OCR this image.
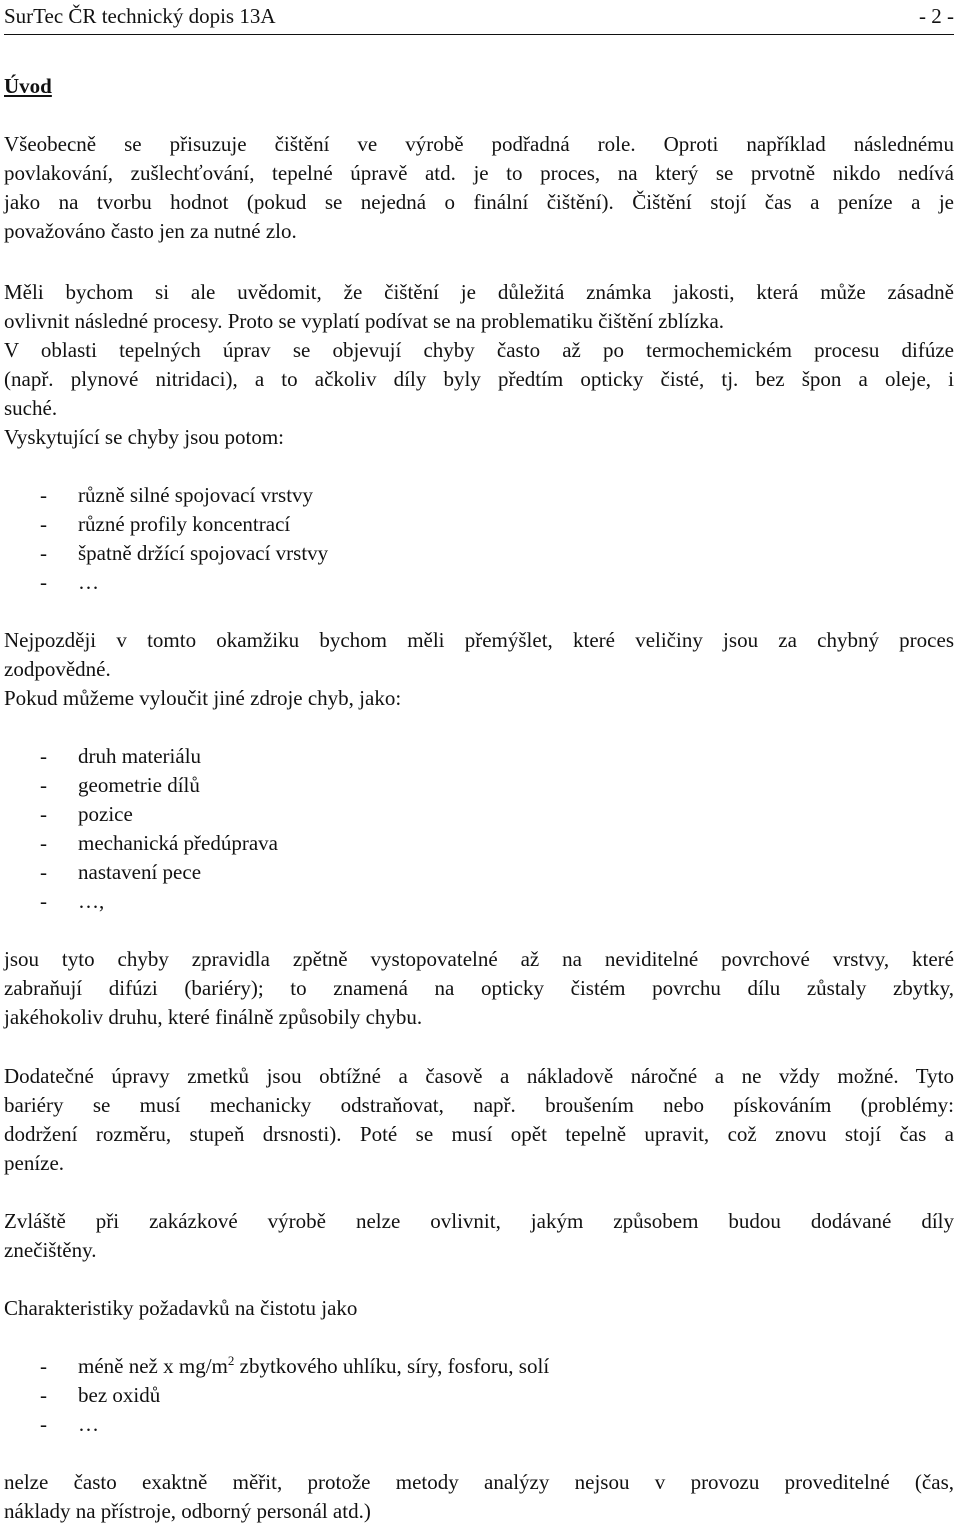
SurTec ČR technický dopis 13A	- 2 -
Úvod
Všeobecně se přisuzuje čištění ve výrobě podřadná role. Oproti například následnému
povlakování, zušlechťování, tepelné úpravě atd. je to proces, na který se prvotně nikdo nedívá
jako na tvorbu hodnot (pokud se nejedná o finální čištění). Čištění stojí čas a peníze a je
považováno často jen za nutné zlo.
Měli bychom si ale uvědomit, že čištění je důležitá známka jakosti, která může zásadně
ovlivnit následné procesy. Proto se vyplatí podívat se na problematiku čištění zblízka.
V oblasti tepelných úprav se objevují chyby často až po termochemickém procesu difúze
(např. plynové nitridaci), a to ačkoliv díly byly předtím opticky čisté, tj. bez špon a oleje, i
suché.
Vyskytující se chyby jsou potom:
- různě silné spojovací vrstvy
- různé profily koncentrací
- špatně držící spojovací vrstvy
- …
Nejpozději v tomto okamžiku bychom měli přemýšlet, které veličiny jsou za chybný proces
zodpovědné.
Pokud můžeme vyloučit jiné zdroje chyb, jako:
- druh materiálu
- geometrie dílů
- pozice
- mechanická předúprava
- nastavení pece
- …,
jsou tyto chyby zpravidla zpětně vystopovatelné až na neviditelné povrchové vrstvy, které
zabraňují difúzi (bariéry); to znamená na opticky čistém povrchu dílu zůstaly zbytky,
jakéhokoliv druhu, které finálně způsobily chybu.
Dodatečné úpravy zmetků jsou obtížné a časově a nákladově náročné a ne vždy možné. Tyto
bariéry se musí mechanicky odstraňovat, např. broušením nebo pískováním (problémy:
dodržení rozměru, stupeň drsnosti). Poté se musí opět tepelně upravit, což znovu stojí čas a
peníze.
Zvláště při zakázkové výrobě nelze ovlivnit, jakým způsobem budou dodávané díly
znečištěny.
Charakteristiky požadavků na čistotu jako
- méně než x $mg/m^2$ zbytkového uhlíku, síry, fosforu, solí
- bez oxidů
- …
nelze často exaktně měřit, protože metody analýzy nejsou v provozu proveditelné (čas,
náklady na přístroje, odborný personál atd.)
